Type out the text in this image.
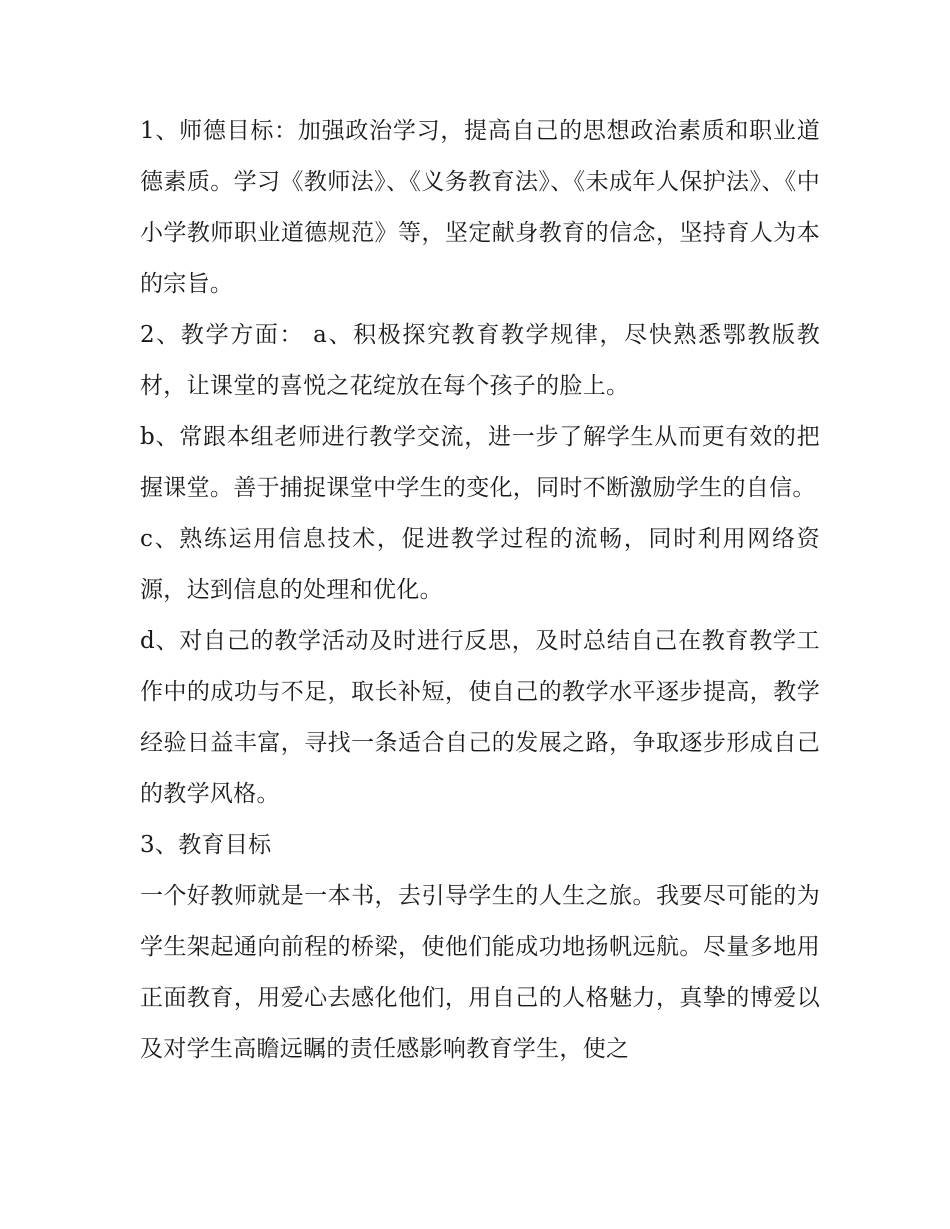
1、师德目标：加强政治学习，提高自己的思想政治素质和职业道德素质。学习《教师法》、《义务教育法》、《未成年人保护法》、《中小学教师职业道德规范》等，坚定献身教育的信念，坚持育人为本的宗旨。

2、教学方面： a、积极探究教育教学规律，尽快熟悉鄂教版教材，让课堂的喜悦之花绽放在每个孩子的脸上。

b、常跟本组老师进行教学交流，进一步了解学生从而更有效的把握课堂。善于捕捉课堂中学生的变化，同时不断激励学生的自信。

c、熟练运用信息技术，促进教学过程的流畅，同时利用网络资源，达到信息的处理和优化。

d、对自己的教学活动及时进行反思，及时总结自己在教育教学工作中的成功与不足，取长补短，使自己的教学水平逐步提高，教学经验日益丰富，寻找一条适合自己的发展之路，争取逐步形成自己的教学风格。

3、教育目标

一个好教师就是一本书，去引导学生的人生之旅。我要尽可能的为学生架起通向前程的桥梁，使他们能成功地扬帆远航。尽量多地用正面教育，用爱心去感化他们，用自己的人格魅力，真挚的博爱以及对学生高瞻远瞩的责任感影响教育学生，使之
